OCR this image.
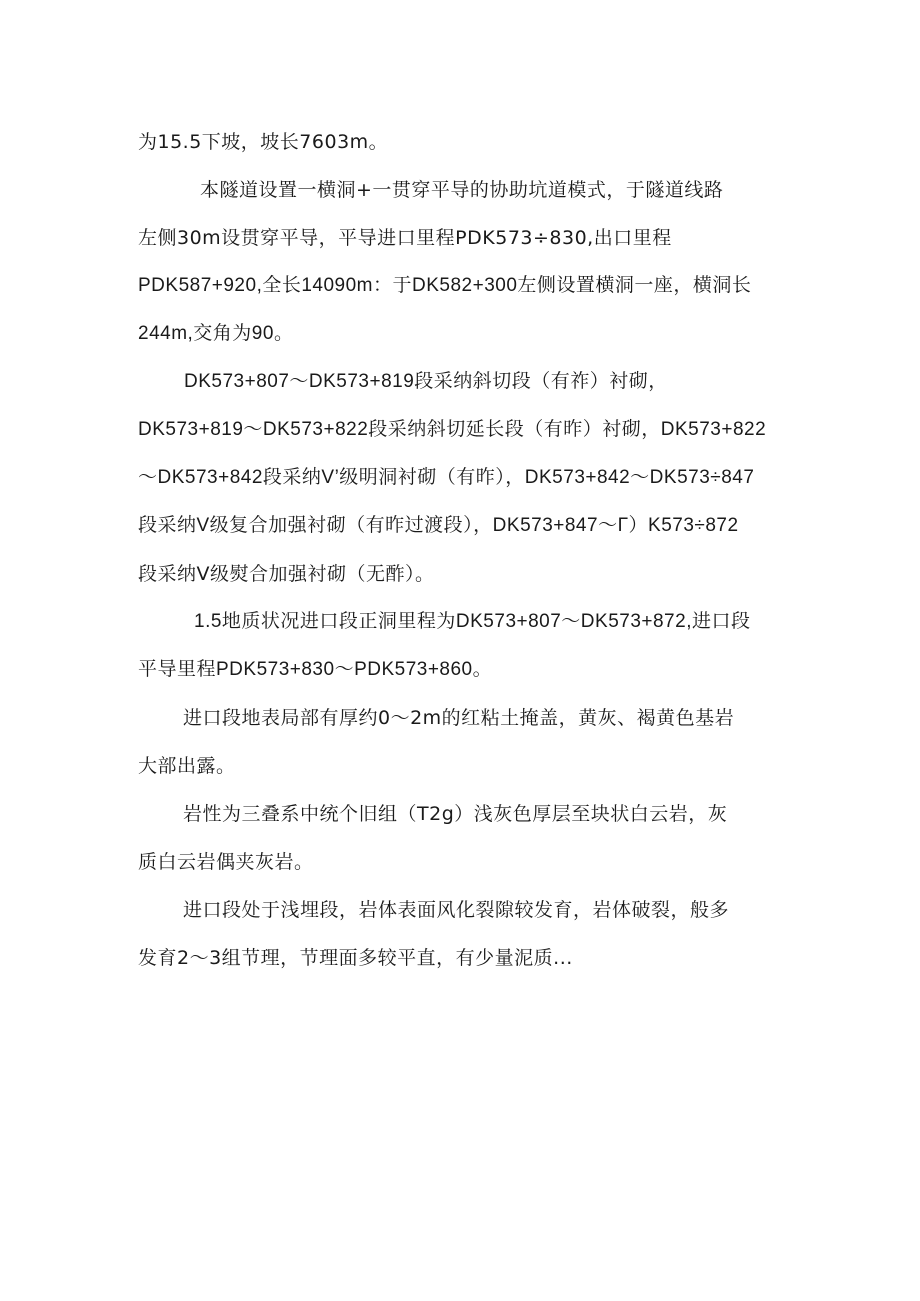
为15.5下坡，坡长7603m。
本隧道设置一横洞+一贯穿平导的协助坑道模式，于隧道线路
左侧30m设贯穿平导，平导进口里程PDK573÷830,出口里程
PDK587+920,全长14090m：于DK582+300左侧设置横洞一座，横洞长
244m,交角为90。
DK573+807～DK573+819段采纳斜切段（有祚）衬砌，
DK573+819～DK573+822段采纳斜切延长段（有昨）衬砌，DK573+822
～DK573+842段采纳V’级明洞衬砌（有昨），DK573+842～DK573÷847
段采纳V级复合加强衬砌（有昨过渡段），DK573+847～Γ）K573÷872
段采纳V级熨合加强衬砌（无酢）。
1.5地质状况进口段正洞里程为DK573+807～DK573+872,进口段
平导里程PDK573+830～PDK573+860。
进口段地表局部有厚约0～2m的红粘土掩盖，黄灰、褐黄色基岩
大部出露。
岩性为三叠系中统个旧组（T2g）浅灰色厚层至块状白云岩，灰
质白云岩偶夹灰岩。
进口段处于浅埋段，岩体表面风化裂隙较发育，岩体破裂，般多
发育2～3组节理，节理面多较平直，有少量泥质...
